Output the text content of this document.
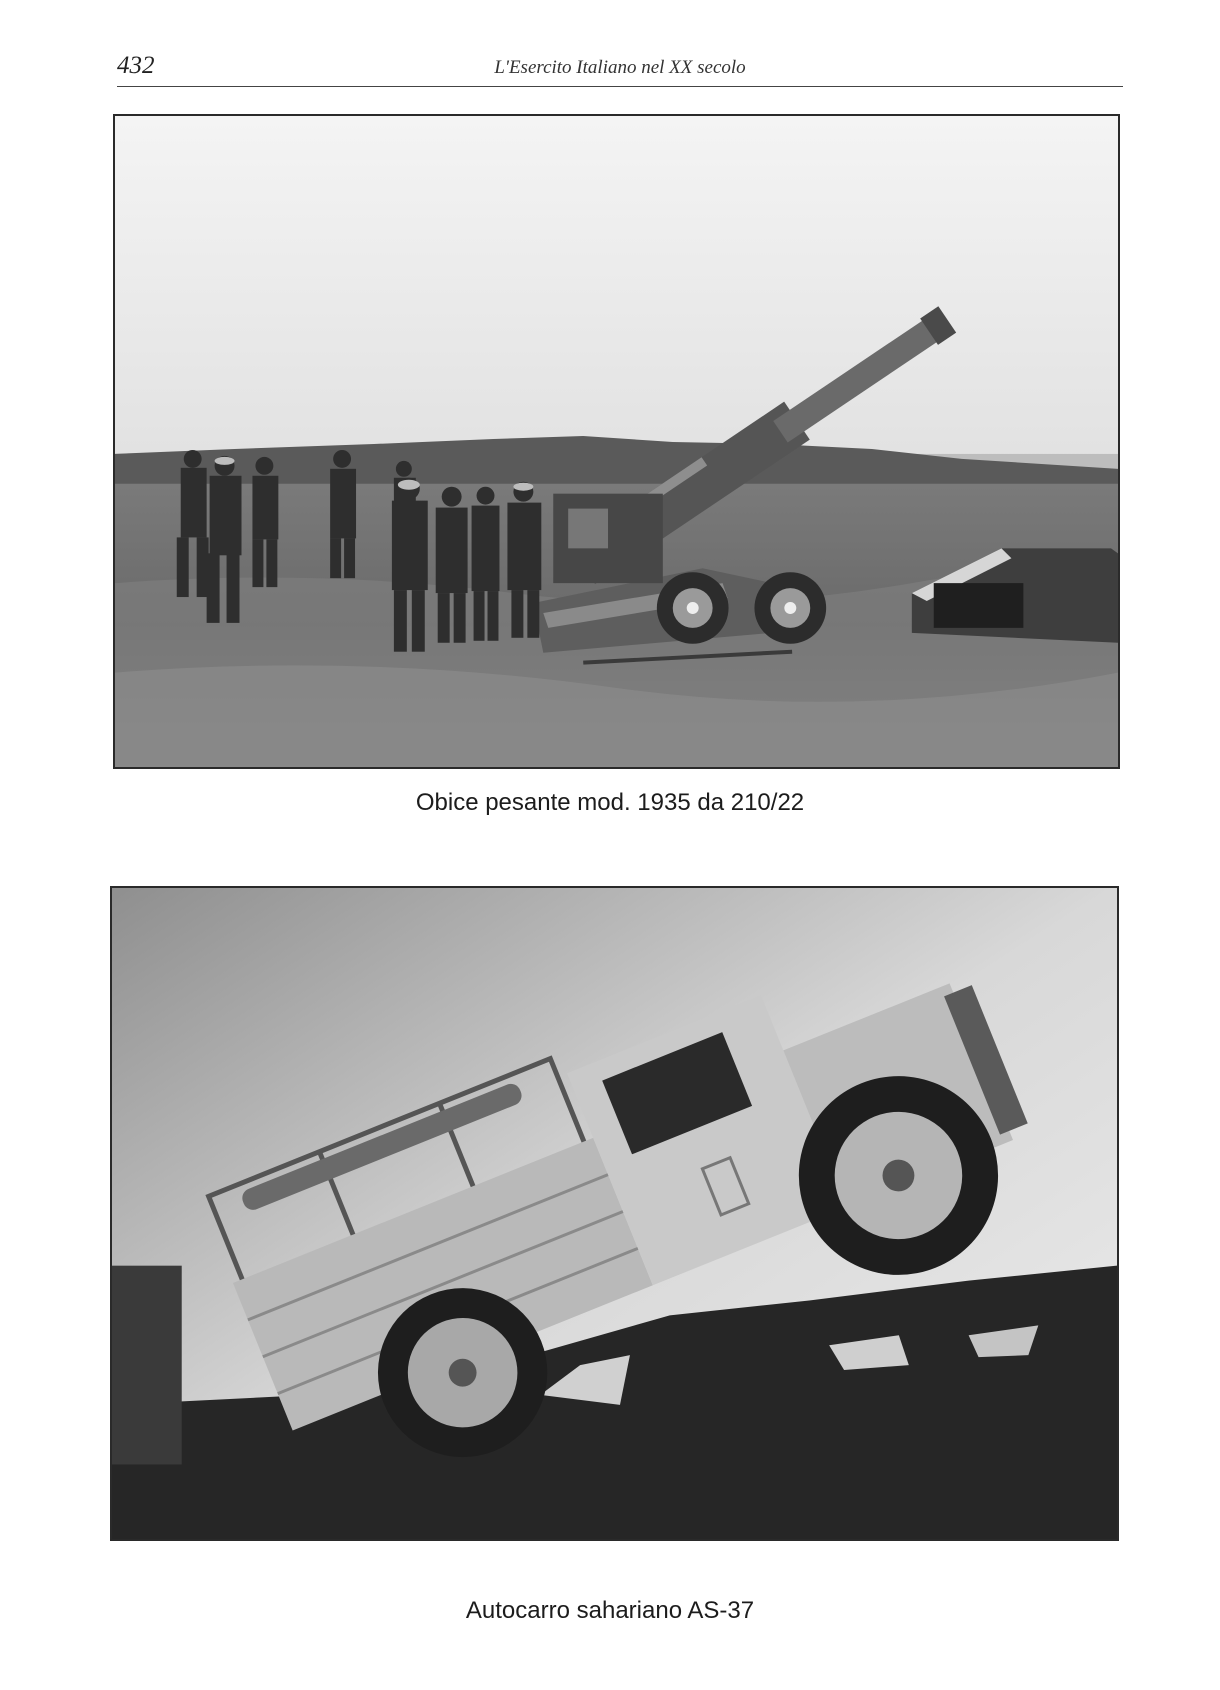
432	L'Esercito Italiano nel XX secolo
Obice pesante mod. 1935 da 210/22
Autocarro sahariano AS-37
